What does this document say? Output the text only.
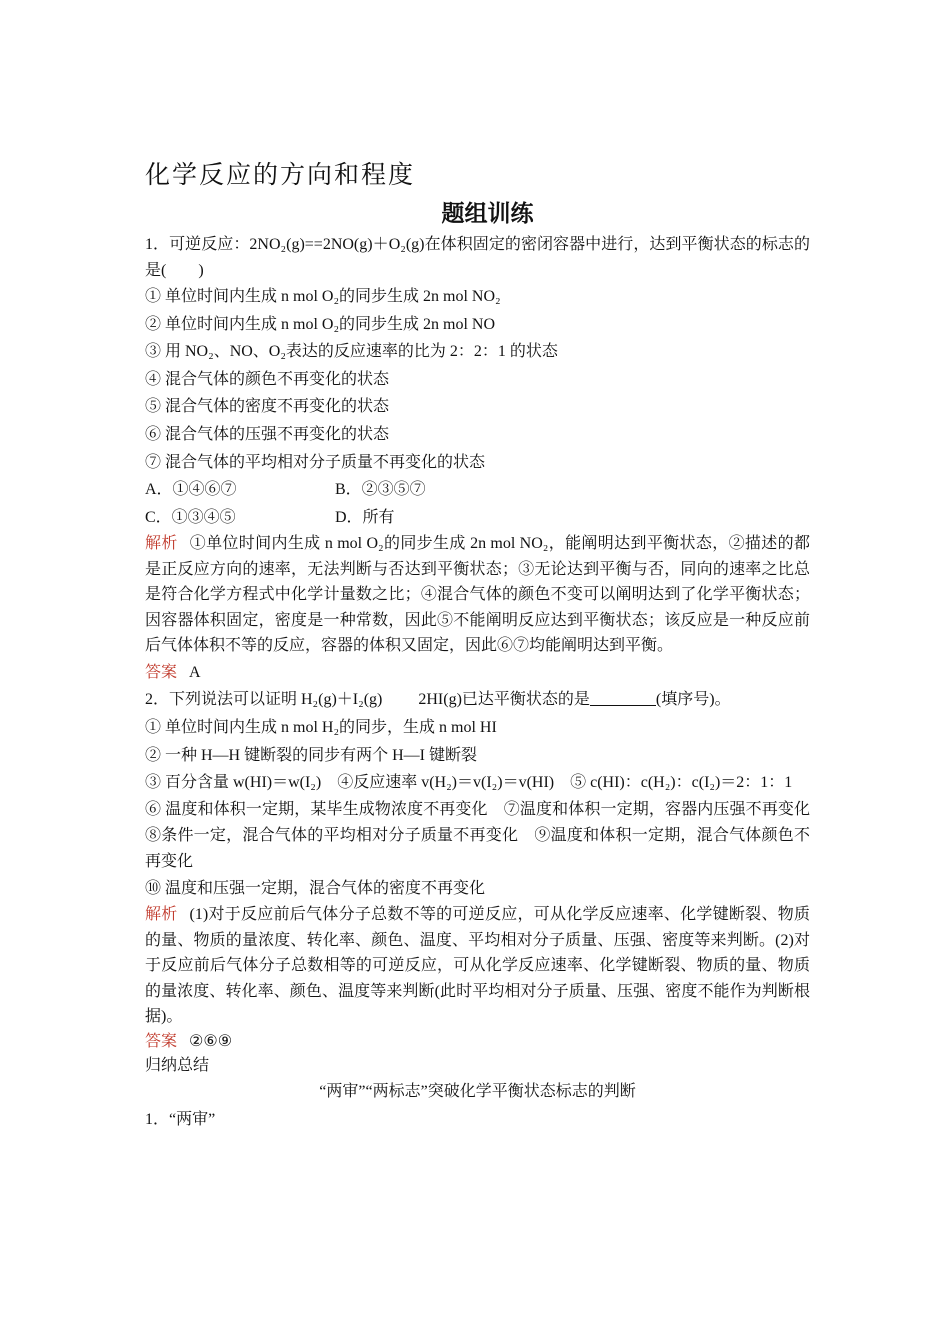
化学反应的方向和程度
题组训练
1．可逆反应：2NO₂(g)==2NO(g)＋O₂(g)在体积固定的密闭容器中进行，达到平衡状态的标志的是(　　)
① 单位时间内生成 n mol O₂的同步生成 2n mol NO₂
② 单位时间内生成 n mol O₂的同步生成 2n mol NO
③ 用 NO₂、NO、O₂表达的反应速率的比为 2：2：1 的状态
④ 混合气体的颜色不再变化的状态
⑤ 混合气体的密度不再变化的状态
⑥ 混合气体的压强不再变化的状态
⑦ 混合气体的平均相对分子质量不再变化的状态
A．①④⑥⑦	B．②③⑤⑦
C．①③④⑤	D．所有
解析 ①单位时间内生成 n mol O₂的同步生成 2n mol NO₂，能阐明达到平衡状态，②描述的都是正反应方向的速率，无法判断与否达到平衡状态；③无论达到平衡与否，同向的速率之比总是符合化学方程式中化学计量数之比；④混合气体的颜色不变可以阐明达到了化学平衡状态；因容器体积固定，密度是一种常数，因此⑤不能阐明反应达到平衡状态；该反应是一种反应前后气体体积不等的反应，容器的体积又固定，因此⑥⑦均能阐明达到平衡。
答案 A
2．下列说法可以证明 H₂(g)＋I₂(g) 2HI(g)已达平衡状态的是	(填序号)。
① 单位时间内生成 n mol H₂的同步，生成 n mol HI
② 一种 H—H 键断裂的同步有两个 H—I 键断裂
③ 百分含量 w(HI)＝w(I₂)　④反应速率 v(H₂)＝v(I₂)＝v(HI)　⑤ c(HI)：c(H₂)：c(I₂)＝2：1：1
⑥ 温度和体积一定期，某毕生成物浓度不再变化　⑦温度和体积一定期，容器内压强不再变化　⑧条件一定，混合气体的平均相对分子质量不再变化　⑨温度和体积一定期，混合气体颜色不再变化
⑩ 温度和压强一定期，混合气体的密度不再变化
解析 (1)对于反应前后气体分子总数不等的可逆反应，可从化学反应速率、化学键断裂、物质的量、物质的量浓度、转化率、颜色、温度、平均相对分子质量、压强、密度等来判断。(2)对于反应前后气体分子总数相等的可逆反应，可从化学反应速率、化学键断裂、物质的量、物质的量浓度、转化率、颜色、温度等来判断(此时平均相对分子质量、压强、密度不能作为判断根据)。
答案 ②⑥⑨
归纳总结
“两审”“两标志”突破化学平衡状态标志的判断
1．“两审”
